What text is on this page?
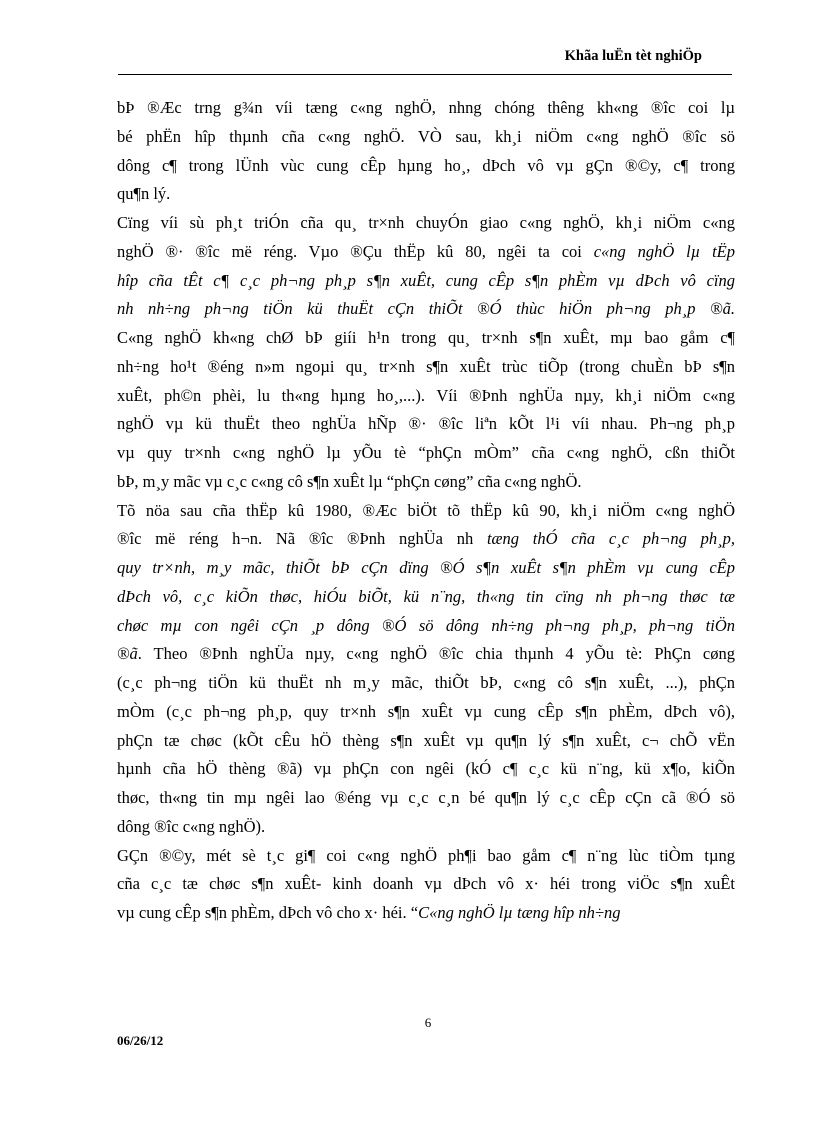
Khãa luËn tèt nghiÖp
bÞ ®Æc trng g¾n víi tæng c«ng nghÖ, nhng chóng thêng kh«ng ®îc coi lµ
bé phËn hîp thµnh cña c«ng nghÖ. VÒ sau, kh¸i niÖm c«ng nghÖ ®îc sö
dông c¶ trong lÜnh vùc cung cÊp hµng ho¸, dÞch vô vµ gÇn ®©y, c¶ trong
qu¶n lý.
Cïng víi sù ph¸t triÓn cña qu¸ tr×nh chuyÓn giao c«ng nghÖ, kh¸i niÖm c«ng
nghÖ ®· ®îc më réng. Vµo ®Çu thËp kû 80, ngêi ta coi c«ng nghÖ lµ tËp
hîp cña tÊt c¶ c¸c ph¬ng ph¸p s¶n xuÊt, cung cÊp s¶n phÈm vµ dÞch vô cïng
nh nh÷ng ph¬ng tiÖn kü thuËt cÇn thiÕt ®Ó thùc hiÖn ph¬ng ph¸p ®ã.
C«ng nghÖ kh«ng chØ bÞ giíi h¹n trong qu¸ tr×nh s¶n xuÊt, mµ bao gåm c¶
nh÷ng ho¹t ®éng n»m ngoµi qu¸ tr×nh s¶n xuÊt trùc tiÕp (trong chuÈn bÞ s¶n
xuÊt, ph©n phèi, lu th«ng hµng ho¸,...). Víi ®Þnh nghÜa nµy, kh¸i niÖm c«ng
nghÖ vµ kü thuËt theo nghÜa hÑp ®· ®îc liªn kÕt l¹i víi nhau. Ph¬ng ph¸p
vµ quy tr×nh c«ng nghÖ lµ yÕu tè “phÇn mÒm” cña c«ng nghÖ, cßn thiÕt
bÞ, m¸y mãc vµ c¸c c«ng cô s¶n xuÊt lµ “phÇn cøng” cña c«ng nghÖ.
Tõ nöa sau cña thËp kû 1980, ®Æc biÖt tõ thËp kû 90, kh¸i niÖm c«ng nghÖ
®îc më réng h¬n. Nã ®îc ®Þnh nghÜa nh tæng thÓ cña c¸c ph¬ng ph¸p,
quy tr×nh, m¸y mãc, thiÕt bÞ cÇn dïng ®Ó s¶n xuÊt s¶n phÈm vµ cung cÊp
dÞch vô, c¸c kiÕn thøc, hiÓu biÕt, kü n¨ng, th«ng tin cïng nh ph¬ng thøc tæ
chøc mµ con ngêi cÇn ¸p dông ®Ó sö dông nh÷ng ph¬ng ph¸p, ph¬ng tiÖn
®ã. Theo ®Þnh nghÜa nµy, c«ng nghÖ ®îc chia thµnh 4 yÕu tè: PhÇn cøng
(c¸c ph¬ng tiÖn kü thuËt nh m¸y mãc, thiÕt bÞ, c«ng cô s¶n xuÊt, ...), phÇn
mÒm (c¸c ph¬ng ph¸p, quy tr×nh s¶n xuÊt vµ cung cÊp s¶n phÈm, dÞch vô),
phÇn tæ chøc (kÕt cÊu hÖ thèng s¶n xuÊt vµ qu¶n lý s¶n xuÊt, c¬ chÕ vËn
hµnh cña hÖ thèng ®ã) vµ phÇn con ngêi (kÓ c¶ c¸c kü n¨ng, kü x¶o, kiÕn
thøc, th«ng tin mµ ngêi lao ®éng vµ c¸c c¸n bé qu¶n lý c¸c cÊp cÇn cã ®Ó sö
dông ®îc c«ng nghÖ).
GÇn ®©y, mét sè t¸c gi¶ coi c«ng nghÖ ph¶i bao gåm c¶ n¨ng lùc tiÒm tµng
cña c¸c tæ chøc s¶n xuÊt- kinh doanh vµ dÞch vô x· héi trong viÖc s¶n xuÊt
vµ cung cÊp s¶n phÈm, dÞch vô cho x· héi. “C«ng nghÖ lµ tæng hîp nh÷ng
6
06/26/12
